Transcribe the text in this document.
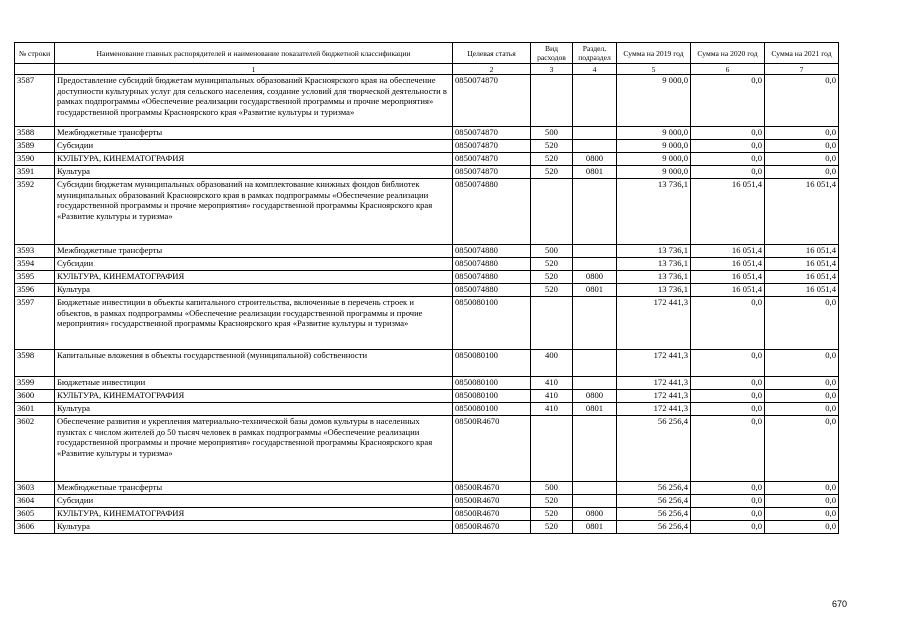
№ строки	Наименование главных распорядителей и наименование показателей бюджетной классификации	Целевая статья	Вид расходов	Раздел, подраздел	Сумма на 2019 год	Сумма на 2020 год	Сумма на 2021 год
	1	2	3	4	5	6	7
3587	Предоставление субсидий бюджетам муниципальных образований Красноярского края на обеспечение доступности культурных услуг для сельского населения, создание условий для творческой деятельности в рамках подпрограммы «Обеспечение реализации государственной программы и прочие мероприятия» государственной программы Красноярского края «Развитие культуры и туризма»	0850074870			9 000,0	0,0	0,0
3588	Межбюджетные трансферты	0850074870	500		9 000,0	0,0	0,0
3589	Субсидии	0850074870	520		9 000,0	0,0	0,0
3590	КУЛЬТУРА, КИНЕМАТОГРАФИЯ	0850074870	520	0800	9 000,0	0,0	0,0
3591	Культура	0850074870	520	0801	9 000,0	0,0	0,0
3592	Субсидии бюджетам муниципальных образований на комплектование книжных фондов библиотек муниципальных образований Красноярского края в рамках подпрограммы «Обеспечение реализации государственной программы и прочие мероприятия» государственной программы Красноярского края «Развитие культуры и туризма»	0850074880			13 736,1	16 051,4	16 051,4
3593	Межбюджетные трансферты	0850074880	500		13 736,1	16 051,4	16 051,4
3594	Субсидии	0850074880	520		13 736,1	16 051,4	16 051,4
3595	КУЛЬТУРА, КИНЕМАТОГРАФИЯ	0850074880	520	0800	13 736,1	16 051,4	16 051,4
3596	Культура	0850074880	520	0801	13 736,1	16 051,4	16 051,4
3597	Бюджетные инвестиции в объекты капитального строительства, включенные в перечень строек и объектов, в рамках подпрограммы «Обеспечение реализации государственной программы и прочие мероприятия» государственной программы Красноярского края «Развитие культуры и туризма»	0850080100			172 441,3	0,0	0,0
3598	Капитальные вложения в объекты государственной (муниципальной) собственности	0850080100	400		172 441,3	0,0	0,0
3599	Бюджетные инвестиции	0850080100	410		172 441,3	0,0	0,0
3600	КУЛЬТУРА, КИНЕМАТОГРАФИЯ	0850080100	410	0800	172 441,3	0,0	0,0
3601	Культура	0850080100	410	0801	172 441,3	0,0	0,0
3602	Обеспечение развития и укрепления материально-технической базы домов культуры в населенных пунктах с числом жителей до 50 тысяч человек в рамках подпрограммы «Обеспечение реализации государственной программы и прочие мероприятия» государственной программы Красноярского края «Развитие культуры и туризма»	08500R4670			56 256,4	0,0	0,0
3603	Межбюджетные трансферты	08500R4670	500		56 256,4	0,0	0,0
3604	Субсидии	08500R4670	520		56 256,4	0,0	0,0
3605	КУЛЬТУРА, КИНЕМАТОГРАФИЯ	08500R4670	520	0800	56 256,4	0,0	0,0
3606	Культура	08500R4670	520	0801	56 256,4	0,0	0,0
670
